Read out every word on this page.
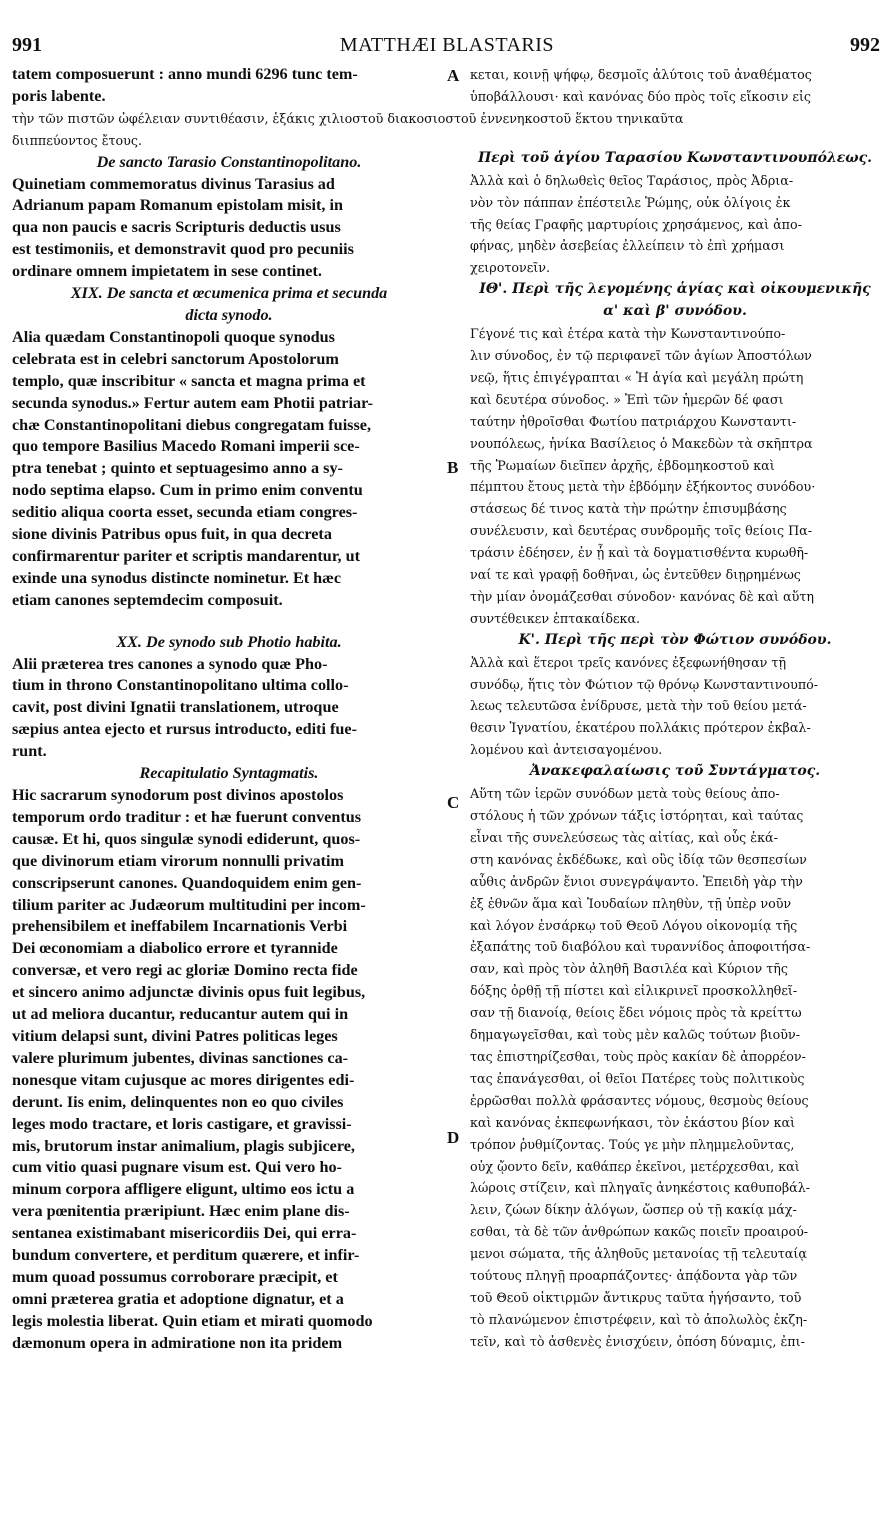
991	MATTHÆI BLASTARIS	992
tatem composuerunt : anno mundi 6296 tunc tem-
poris labente.
τὴν τῶν πιστῶν ὠφέλειαν συντιθέασιν, ἑξάκις χιλιοστοῦ διακοσιοστοῦ ἐννενηκοστοῦ ἕκτου τηνικαῦτα
διιππεύοντος ἔτους.
De sancto Tarasio Constantinopolitano.
Quinetiam commemoratus divinus Tarasius ad
Adrianum papam Romanum epistolam misit, in
qua non paucis e sacris Scripturis deductis usus
est testimoniis, et demonstravit quod pro pecuniis
ordinare omnem impietatem in sese continet.
XIX. De sancta et œcumenica prima et secunda
dicta synodo.
Alia quædam Constantinopoli quoque synodus
celebrata est in celebri sanctorum Apostolorum
templo, quæ inscribitur « sancta et magna prima et
secunda synodus.» Fertur autem eam Photii patriar-
chæ Constantinopolitani diebus congregatam fuisse,
quo tempore Basilius Macedo Romani imperii sce-
ptra tenebat ; quinto et septuagesimo anno a sy-
nodo septima elapso. Cum in primo enim conventu
seditio aliqua coorta esset, secunda etiam congres-
sione divinis Patribus opus fuit, in qua decreta
confirmarentur pariter et scriptis mandarentur, ut
exinde una synodus distincte nominetur. Et hæc
etiam canones septemdecim composuit.
XX. De synodo sub Photio habita.
Alii præterea tres canones a synodo quæ Pho-
tium in throno Constantinopolitano ultima collo-
cavit, post divini Ignatii translationem, utroque
sæpius antea ejecto et rursus introducto, editi fue-
runt.
Recapitulatio Syntagmatis.
Hic sacrarum synodorum post divinos apostolos
temporum ordo traditur : et hæ fuerunt conventus
causæ. Et hi, quos singulæ synodi ediderunt, quos-
que divinorum etiam virorum nonnulli privatim
conscripserunt canones. Quandoquidem enim gen-
tilium pariter ac Judæorum multitudini per incom-
prehensibilem et ineffabilem Incarnationis Verbi
Dei œconomiam a diabolico errore et tyrannide
conversæ, et vero regi ac gloriæ Domino recta fide
et sincero animo adjunctæ divinis opus fuit legibus,
ut ad meliora ducantur, reducantur autem qui in
vitium delapsi sunt, divini Patres politicas leges
valere plurimum jubentes, divinas sanctiones ca-
nonesque vitam cujusque ac mores dirigentes edi-
derunt. Iis enim, delinquentes non eo quo civiles
leges modo tractare, et loris castigare, et gravissi-
mis, brutorum instar animalium, plagis subjicere,
cum vitio quasi pugnare visum est. Qui vero ho-
minum corpora affligere eligunt, ultimo eos ictu a
vera pœnitentia præripiunt. Hæc enim plane dis-
sentanea existimabant misericordiis Dei, qui erra-
bundum convertere, et perditum quærere, et infir-
mum quoad possumus corroborare præcipit, et
omni præterea gratia et adoptione dignatur, et a
legis molestia liberat. Quin etiam et mirati quomodo
dæmonum opera in admiratione non ita pridem
κεται, κοινῇ ψήφῳ, δεσμοῖς ἀλύτοις τοῦ ἀναθέματος
ὑποβάλλουσι· καὶ κανόνας δύο πρὸς τοῖς εἴκοσιν εἰς
Περὶ τοῦ ἁγίου Ταρασίου Κωνσταντινουπόλεως.
Ἀλλὰ καὶ ὁ δηλωθεὶς θεῖος Ταράσιος, πρὸς Ἀδρια-
νὸν τὸν πάππαν ἐπέστειλε Ῥώμης, οὐκ ὀλίγοις ἐκ
τῆς θείας Γραφῆς μαρτυρίοις χρησάμενος, καὶ ἀπο-
φήνας, μηδὲν ἀσεβείας ἐλλείπειν τὸ ἐπὶ χρήμασι
χειροτονεῖν.
ΙΘ'. Περὶ τῆς λεγομένης ἁγίας καὶ οἰκουμενικῆς
α' καὶ β' συνόδου.
Γέγονέ τις καὶ ἑτέρα κατὰ τὴν Κωνσταντινούπο-
λιν σύνοδος, ἐν τῷ περιφανεῖ τῶν ἁγίων Ἀποστόλων
νεῷ, ἥτις ἐπιγέγραπται « Ἡ ἁγία καὶ μεγάλη πρώτη
καὶ δευτέρα σύνοδος. » Ἐπὶ τῶν ἡμερῶν δέ φασι
ταύτην ἠθροῖσθαι Φωτίου πατριάρχου Κωνσταντι-
νουπόλεως, ἡνίκα Βασίλειος ὁ Μακεδὼν τὰ σκῆπτρα
τῆς Ῥωμαίων διεῖπεν ἀρχῆς, ἑβδομηκοστοῦ καὶ
πέμπτου ἔτους μετὰ τὴν ἑβδόμην ἐξήκοντος συνόδου·
στάσεως δέ τινος κατὰ τὴν πρώτην ἐπισυμβάσης
συνέλευσιν, καὶ δευτέρας συνδρομῆς τοῖς θείοις Πα-
τράσιν ἐδέησεν, ἐν ᾗ καὶ τὰ δογματισθέντα κυρωθῆ-
ναί τε καὶ γραφῇ δοθῆναι, ὡς ἐντεῦθεν διῃρημένως
τὴν μίαν ὀνομάζεσθαι σύνοδον· κανόνας δὲ καὶ αὕτη
συντέθεικεν ἑπτακαίδεκα.
Κ'. Περὶ τῆς περὶ τὸν Φώτιον συνόδου.
Ἀλλὰ καὶ ἕτεροι τρεῖς κανόνες ἐξεφωνήθησαν τῇ
συνόδῳ, ἥτις τὸν Φώτιον τῷ θρόνῳ Κωνσταντινουπό-
λεως τελευτῶσα ἐνίδρυσε, μετὰ τὴν τοῦ θείου μετά-
θεσιν Ἰγνατίου, ἑκατέρου πολλάκις πρότερον ἐκβαλ-
λομένου καὶ ἀντεισαγομένου.
Ἀνακεφαλαίωσις τοῦ Συντάγματος.
Αὕτη τῶν ἱερῶν συνόδων μετὰ τοὺς θείους ἀπο-
στόλους ἡ τῶν χρόνων τάξις ἱστόρηται, καὶ ταύτας
εἶναι τῆς συνελεύσεως τὰς αἰτίας, καὶ οὗς ἑκά-
στη κανόνας ἐκδέδωκε, καὶ οὓς ἰδίᾳ τῶν θεσπεσίων
αὖθις ἀνδρῶν ἔνιοι συνεγράψαντο. Ἐπειδὴ γὰρ τὴν
ἐξ ἐθνῶν ἅμα καὶ Ἰουδαίων πληθὺν, τῇ ὑπὲρ νοῦν
καὶ λόγον ἐνσάρκῳ τοῦ Θεοῦ Λόγου οἰκονομίᾳ τῆς
ἐξαπάτης τοῦ διαβόλου καὶ τυραννίδος ἀποφοιτήσα-
σαν, καὶ πρὸς τὸν ἀληθῆ Βασιλέα καὶ Κύριον τῆς
δόξης ὀρθῇ τῇ πίστει καὶ εἰλικρινεῖ προσκολληθεῖ-
σαν τῇ διανοίᾳ, θείοις ἔδει νόμοις πρὸς τὰ κρείττω
δημαγωγεῖσθαι, καὶ τοὺς μὲν καλῶς τούτων βιοῦν-
τας ἐπιστηρίζεσθαι, τοὺς πρὸς κακίαν δὲ ἀπορρέον-
τας ἐπανάγεσθαι, οἱ θεῖοι Πατέρες τοὺς πολιτικοὺς
ἐρρῶσθαι πολλὰ φράσαντες νόμους, θεσμοὺς θείους
καὶ κανόνας ἐκπεφωνήκασι, τὸν ἑκάστου βίον καὶ
τρόπον ῥυθμίζοντας. Τούς γε μὴν πλημμελοῦντας,
οὐχ ᾤοντο δεῖν, καθάπερ ἐκεῖνοι, μετέρχεσθαι, καὶ
λώροις στίζειν, καὶ πληγαῖς ἀνηκέστοις καθυποβάλ-
λειν, ζώων δίκην ἀλόγων, ὥσπερ οὐ τῇ κακίᾳ μάχ-
εσθαι, τὰ δὲ τῶν ἀνθρώπων κακῶς ποιεῖν προαιρού-
μενοι σώματα, τῆς ἀληθοῦς μετανοίας τῇ τελευταίᾳ
τούτους πληγῇ προαρπάζοντες· ἀπᾴδοντα γὰρ τῶν
τοῦ Θεοῦ οἰκτιρμῶν ἄντικρυς ταῦτα ἡγήσαντο, τοῦ
τὸ πλανώμενον ἐπιστρέφειν, καὶ τὸ ἀπολωλὸς ἐκζη-
τεῖν, καὶ τὸ ἀσθενὲς ἐνισχύειν, ὁπόση δύναμις, ἐπι-
A
B
C
D
